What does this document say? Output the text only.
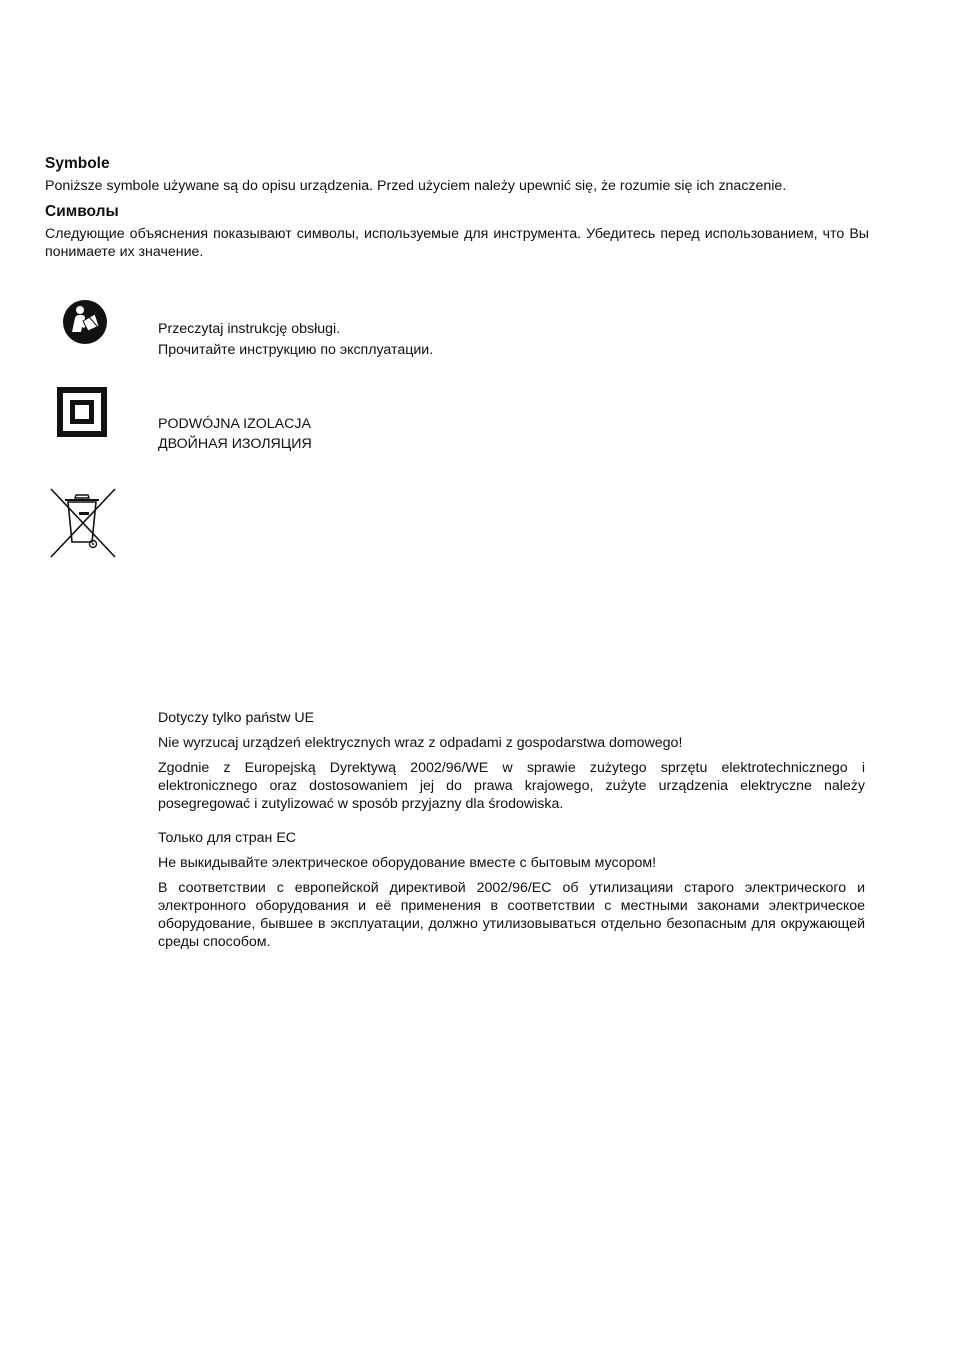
Symbole

Poniższe symbole używane są do opisu urządzenia. Przed użyciem należy upewnić się, że rozumie się ich znaczenie.

Символы

Следующие объяснения показывают символы, используемые для инструмента. Убедитесь перед использованием, что Вы понимаете их значение.

Przeczytaj instrukcję obsługi.

Прочитайте инструкцию по эксплуатации.

PODWÓJNA IZOLACJA

ДВОЙНАЯ ИЗОЛЯЦИЯ

Dotyczy tylko państw UE

Nie wyrzucaj urządzeń elektrycznych wraz z odpadami z gospodarstwa domowego!

Zgodnie z Europejską Dyrektywą 2002/96/WE w sprawie zużytego sprzętu elektrotechnicznego i elektronicznego oraz dostosowaniem jej do prawa krajowego, zużyte urządzenia elektryczne należy posegregować i zutylizować w sposób przyjazny dla środowiska.

Только для стран ЕС

Не выкидывайте электрическое оборудование вместе с бытовым мусором!

В соответствии с европейской директивой 2002/96/ЕС об утилизацияи старого электрического и электронного оборудования и её применения в соответствии с местными законами электрическое оборудование, бывшее в эксплуатации, должно утилизовываться отдельно безопасным для окружающей среды способом.
